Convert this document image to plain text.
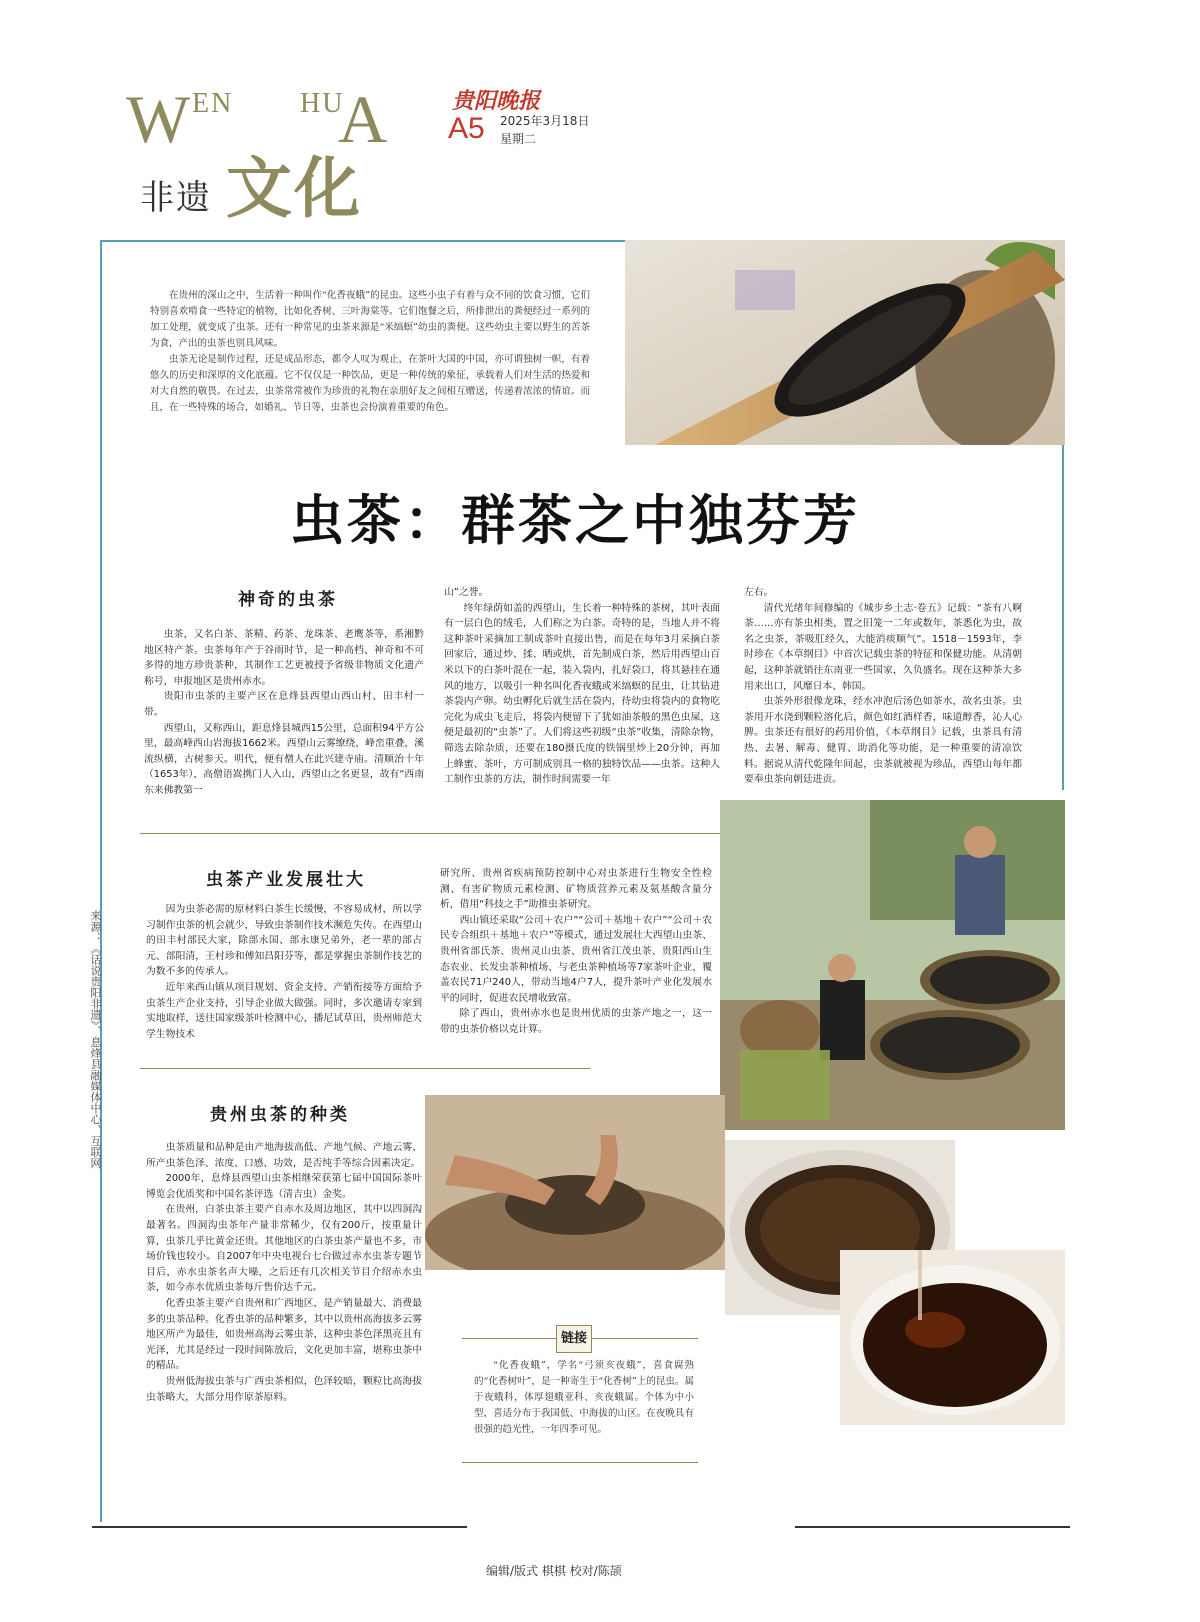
W EN HU
A
非遗 文化
贵阳晚报
A5 2025年3月18日
星期二

在贵州的深山之中，生活着一种叫作“化香夜蛾”的昆虫。这些小虫子有着与众不同的饮食习惯，它们特别喜欢啃食一些特定的植物，比如化香树、三叶海棠等。它们饱餐之后，所排泄出的粪便经过一系列的加工处理，就变成了虫茶。还有一种常见的虫茶来源是“米缟螟”幼虫的粪便。这些幼虫主要以野生的苦茶为食，产出的虫茶也别具风味。

虫茶无论是制作过程，还是成品形态，都令人叹为观止，在茶叶大国的中国，亦可谓独树一帜，有着悠久的历史和深厚的文化底蕴。它不仅仅是一种饮品，更是一种传统的象征，承载着人们对生活的热爱和对大自然的敬畏。在过去，虫茶常常被作为珍贵的礼物在亲朋好友之间相互赠送，传递着浓浓的情谊。而且，在一些特殊的场合，如婚礼、节日等，虫茶也会扮演着重要的角色。

虫茶：群茶之中独芬芳
神奇的虫茶

虫茶，又名白茶、茶精、药茶、龙珠茶、老鹰茶等，系湘黔地区特产茶。虫茶每年产于谷雨时节，是一种高档、神奇和不可多得的地方珍贵茶种，其制作工艺更被授予省级非物质文化遗产称号，申报地区是贵州赤水。

贵阳市虫茶的主要产区在息烽县西望山西山村、田丰村一带。

西望山，又称西山，距息烽县城西15公里，总面积94平方公里，最高峰西山岩海拔1662米。西望山云雾缭绕，峰峦重叠，溪流纵横，古树参天。明代，便有僧人在此兴建寺庙。清顺治十年（1653年），高僧语嵩携门人入山，西望山之名更显，故有“西南东来佛教第一

山”之誉。

终年绿荫如盖的西望山，生长着一种特殊的茶树，其叶表面有一层白色的绒毛，人们称之为白茶。奇特的是，当地人并不将这种茶叶采摘加工制成茶叶直接出售，而是在每年3月采摘白茶回家后，通过炒、揉、晒或烘，首先制成白茶，然后用西望山百米以下的白茶叶混在一起，装入袋内，扎好袋口，将其悬挂在通风的地方，以吸引一种名叫化香夜蛾或米缟螟的昆虫，让其钻进茶袋内产卵。幼虫孵化后就生活在袋内，待幼虫将袋内的食物吃完化为成虫飞走后，将袋内便留下了犹如油茶般的黑色虫屎，这便是最初的“虫茶”了。人们将这些初级“虫茶”收集，清除杂物，筛选去除杂质，还要在180摄氏度的铁锅里炒上20分钟，再加上蜂蜜、茶叶，方可制成别具一格的独特饮品——虫茶。这种人工制作虫茶的方法，制作时间需要一年

左右。

清代光绪年间修编的《城步乡土志·卷五》记载：“茶有八啊茶……亦有茶虫相类，置之旧笼一二年或数年，茶悉化为虫，故名之虫茶，茶吸肛经久，大能消痰顺气”。1518－1593年，李时珍在《本草纲目》中首次记载虫茶的特征和保健功能。从清朝起，这种茶就销往东南亚一些国家，久负盛名。现在这种茶大多用来出口，风靡日本、韩国。

虫茶外形很像龙珠，经水冲泡后汤色如茶水，故名虫茶。虫茶用开水浇到颗粒溶化后，颜色如红酒样香，味道醇香，沁人心脾。虫茶还有很好的药用价值，《本草纲目》记载，虫茶具有清热、去暑、解毒、健胃、助消化等功能，是一种重要的清凉饮料。据说从清代乾隆年间起，虫茶就被视为珍品，西望山每年都要奉虫茶向朝廷进贡。

虫茶产业发展壮大

因为虫茶必需的原材料白茶生长缓慢，不容易成材，所以学习制作虫茶的机会就少，导致虫茶制作技术濒危失传。在西望山的田丰村部民大家，除部永国、部永康兄弟外，老一辈的部占元、部阳清，王村珍和傅知昌阳芬等，都是掌握虫茶制作技艺的为数不多的传承人。

近年来西山镇从项目规划、资金支持、产销衔接等方面给予虫茶生产企业支持，引导企业做大做强。同时，多次邀请专家到实地取样，送往国家级茶叶检测中心，播尼试草田，贵州师范大学生物技术

研究所、贵州省疾病预防控制中心对虫茶进行生物安全性检测、有害矿物质元素检测、矿物质营养元素及氨基酸含量分析，借用“科技之手”助推虫茶研究。

西山镇还采取“公司＋农户”“公司＋基地＋农户”“公司＋农民专合组织＋基地＋农户”等模式，通过发展壮大西望山虫茶、贵州省部氏茶、贵州灵山虫茶、贵州省江茂虫茶、贵阳西山生态农业、长发虫茶种植场、与老虫茶种植场等7家茶叶企业，覆盖农民71户240人，带动当地4户7人，提升茶叶产业化发展水平的同时，促进农民增收致富。

除了西山，贵州赤水也是贵州优质的虫茶产地之一，这一带的虫茶价格以克计算。

贵州虫茶的种类

虫茶质量和品种是由产地海拔高低、产地气候、产地云雾、所产虫茶色泽、浓度、口感、功效，是否纯手等综合因素决定。

2000年，息烽县西望山虫茶相继荣获第七届中国国际茶叶博览会优质奖和中国名茶评选（清吉虫）金奖。

在贵州，白茶虫茶主要产自赤水及周边地区，其中以四洞沟最著名。四洞沟虫茶年产量非常稀少，仅有200斤，按重量计算，虫茶几乎比黄金还贵。其他地区的白茶虫茶产量也不多，市场价钱也较小。自2007年中央电视台七台做过赤水虫茶专题节目后，赤水虫茶名声大噪，之后还有几次相关节目介绍赤水虫茶，如今赤水优质虫茶每斤售价达千元。

化香虫茶主要产自贵州和广西地区，是产销量最大、消费最多的虫茶品种。化香虫茶的品种繁多，其中以贵州高海拔多云雾地区所产为最佳，如贵州高海云雾虫茶，这种虫茶色泽黑亮且有光泽，尤其是经过一段时间陈放后，文化更加丰富，堪称虫茶中的精品。

贵州低海拔虫茶与广西虫茶相似，色泽较暗，颗粒比高海拔虫茶略大，大部分用作原茶原料。

链接

“化香夜蛾”，学名“弓须亥夜蛾”，喜食腐熟的“化香树叶”，是一种寄生于“化香树”上的昆虫。属于夜蛾科，体厚翅蛾亚科、亥夜蛾属。个体为中小型，喜适分布于我国低、中海拔的山区。在夜晚具有很强的趋光性，一年四季可见。

来源：《话说贵阳非遗》、息烽县融媒体中心、互联网
编辑/版式 棋棋 校对/陈颉
